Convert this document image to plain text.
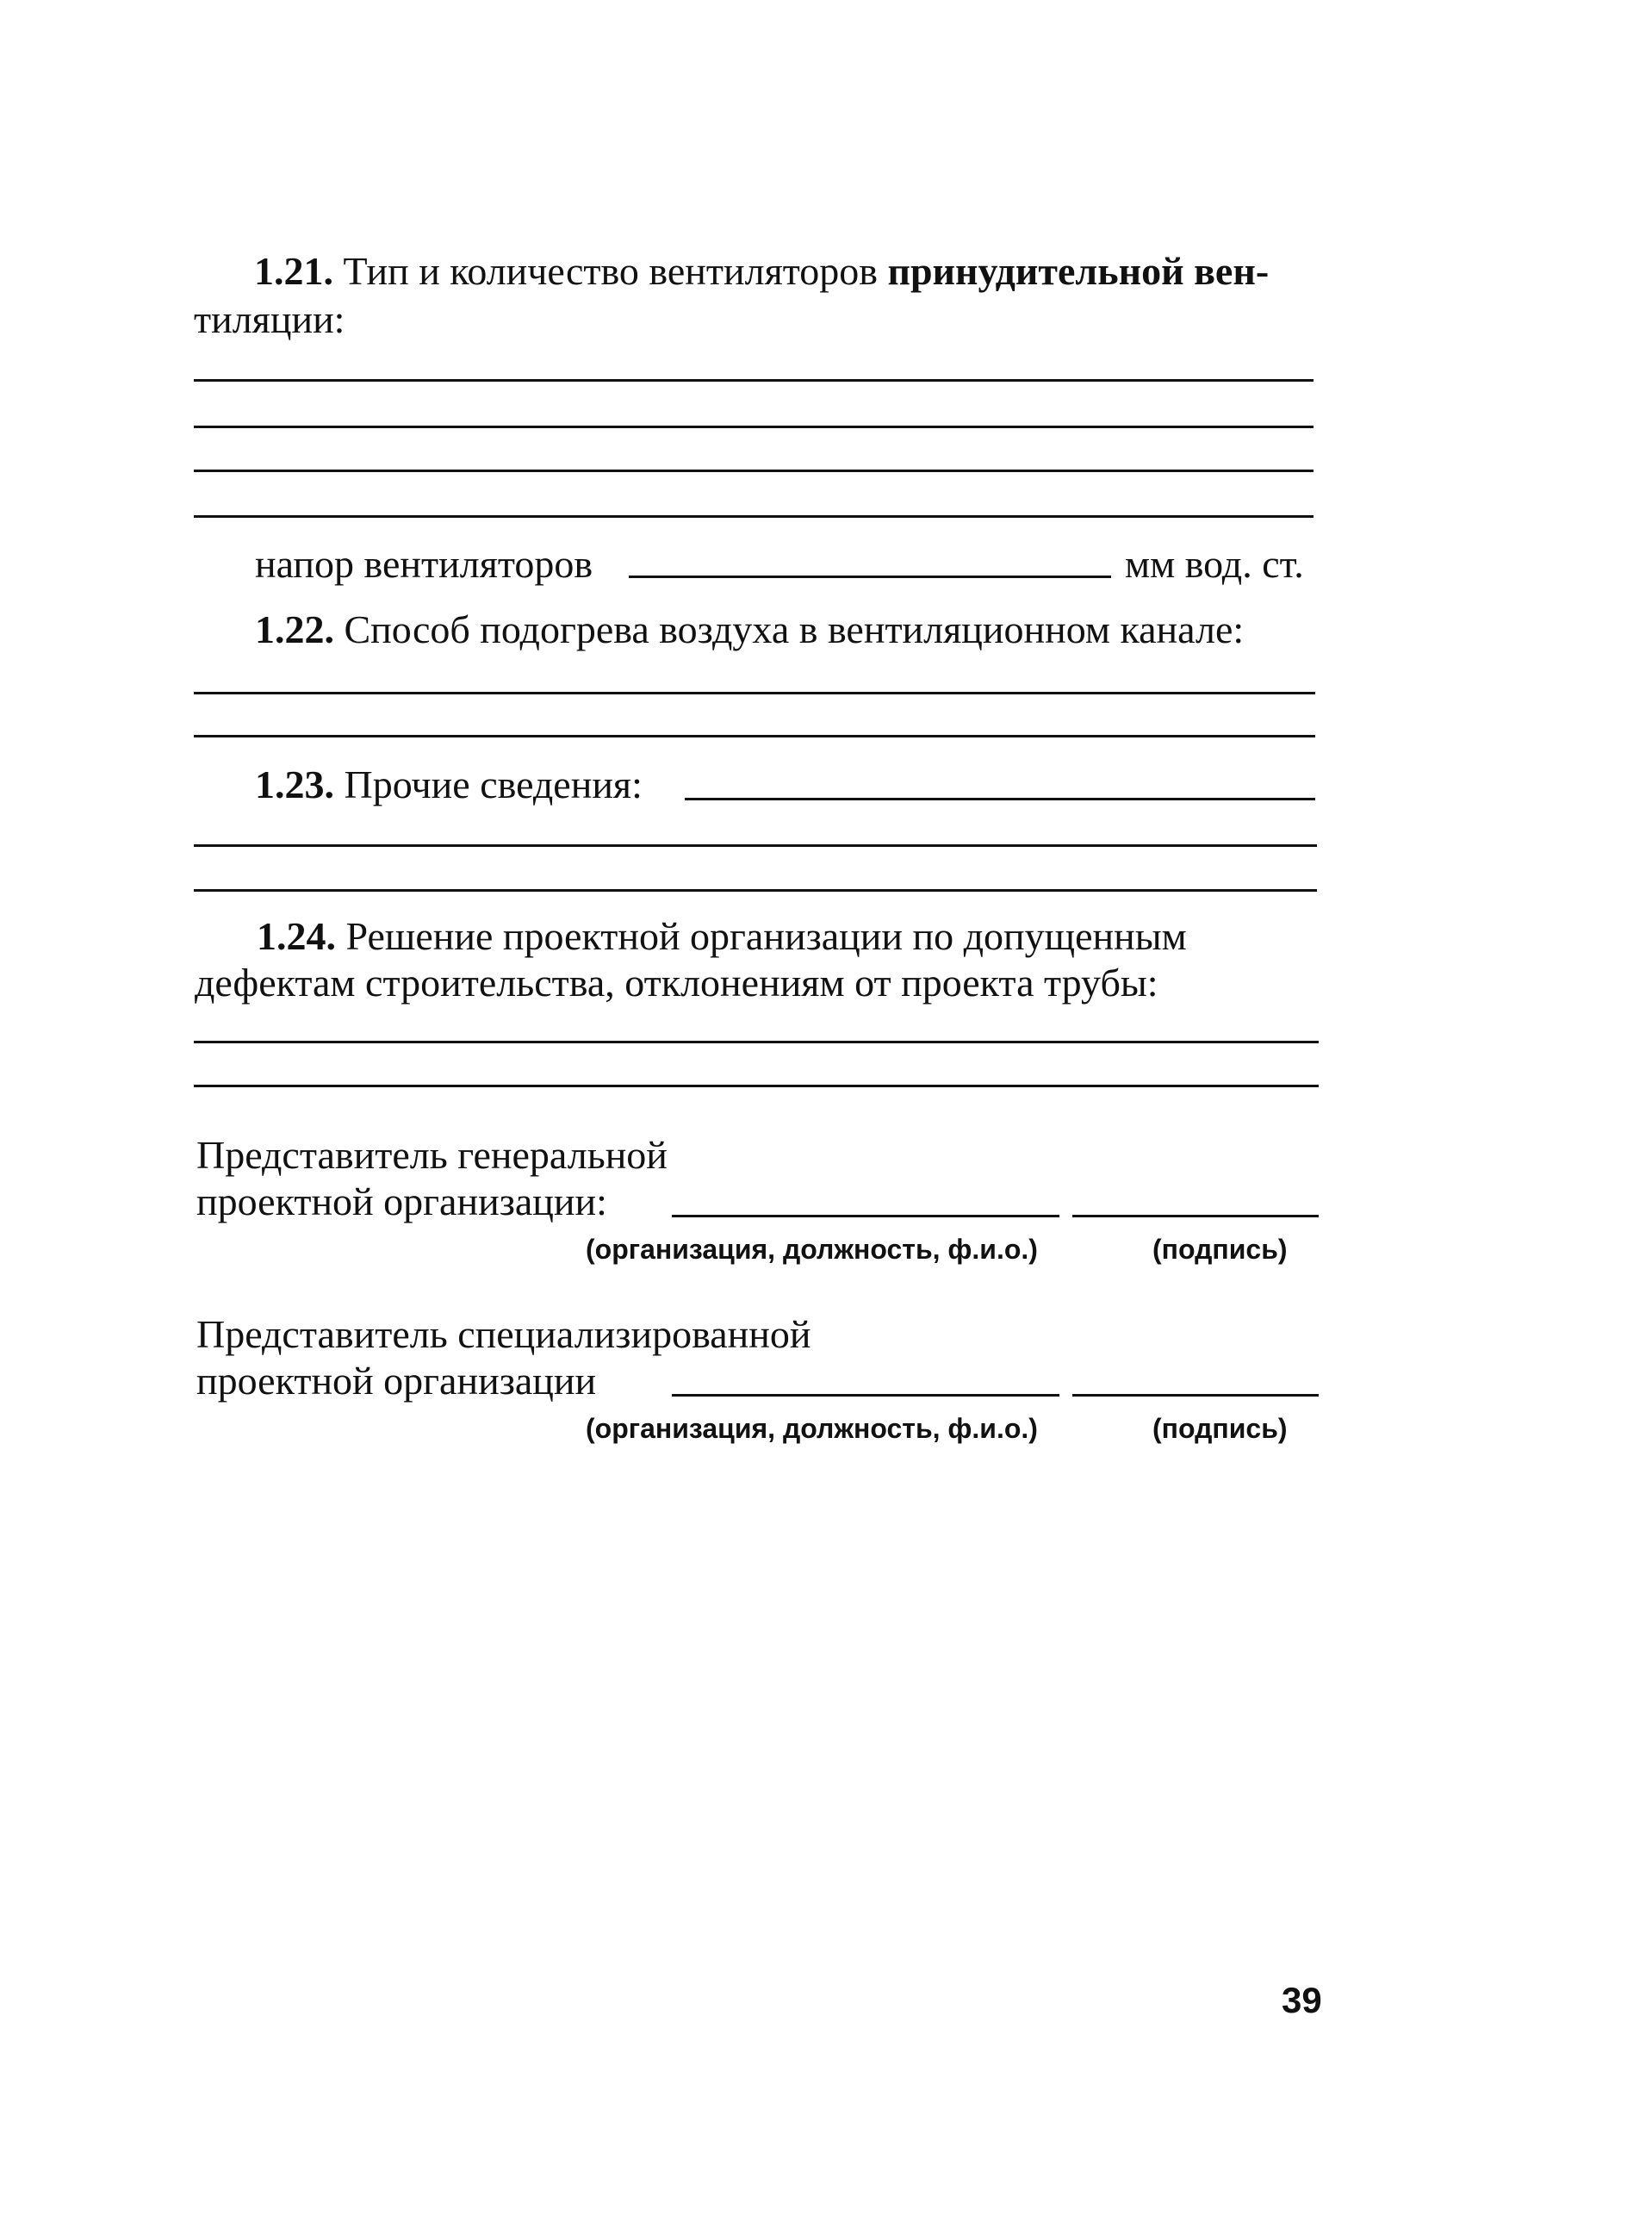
1.21. Тип и количество вентиляторов принудительной вен-
тиляции:
напор вентиляторов	мм вод. ст.
1.22. Способ подогрева воздуха в вентиляционном канале:
1.23. Прочие сведения:
1.24. Решение проектной организации по допущенным
дефектам строительства, отклонениям от проекта трубы:
Представитель генеральной
проектной организации:
(организация, должность, ф.и.о.)	(подпись)
Представитель специализированной
проектной организации
(организация, должность, ф.и.о.)	(подпись)
39
